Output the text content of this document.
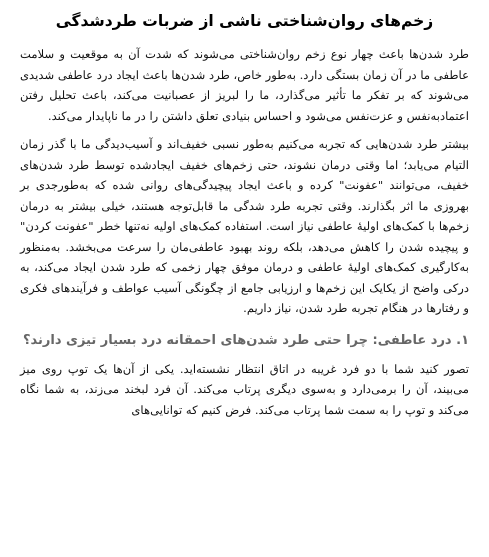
زخم‌های روان‌شناختی ناشی از ضربات طردشدگی

طرد شدن‌ها باعث چهار نوع زخم روان‌شناختی می‌شوند که شدت آن به موقعیت و سلامت عاطفی ما در آن زمان بستگی دارد. به‌طور خاص، طرد شدن‌ها باعث ایجاد درد عاطفی شدیدی می‌شوند که بر تفکر ما تأثیر می‌گذارد، ما را لبریز از عصبانیت می‌کند، باعث تحلیل رفتن اعتمادبه‌نفس و عزت‌نفس می‌شود و احساس بنیادی تعلق داشتن را در ما ناپایدار می‌کند.

بیشتر طرد شدن‌هایی که تجربه می‌کنیم به‌طور نسبی خفیف‌اند و آسیب‌دیدگی ما با گذر زمان التیام می‌یابد؛ اما وقتی درمان نشوند، حتی زخم‌های خفیف ایجادشده توسط طرد شدن‌های خفیف، می‌توانند "عفونت" کرده و باعث ایجاد پیچیدگی‌های روانی شده که به‌طورجدی بر بهروزی ما اثر بگذارند. وقتی تجربه طرد شدگی ما قابل‌توجه هستند، خیلی بیشتر به درمان زخم‌ها با کمک‌های اولیهٔ عاطفی نیاز است. استفاده کمک‌های اولیه نه‌تنها خطر "عفونت کردن" و پیچیده شدن را کاهش می‌دهد، بلکه روند بهبود عاطفی‌مان را سرعت می‌بخشد. به‌منظور به‌کارگیری کمک‌های اولیهٔ عاطفی و درمان موفق چهار زخمی که طرد شدن ایجاد می‌کند، به درکی واضح از یکایک این زخم‌ها و ارزیابی جامع از چگونگی آسیب عواطف و فرآیندهای فکری و رفتارها در هنگام تجربه طرد شدن، نیاز داریم.

۱. درد عاطفی: چرا حتی طرد شدن‌های احمقانه درد بسیار تیزی دارند؟

تصور کنید شما با دو فرد غریبه در اتاق انتظار نشسته‌اید. یکی از آن‌ها یک توپ روی میز می‌بیند، آن را برمی‌دارد و به‌سوی دیگری پرتاب می‌کند. آن فرد لبخند می‌زند، به شما نگاه می‌کند و توپ را به سمت شما پرتاب می‌کند. فرض کنیم که توانایی‌های
